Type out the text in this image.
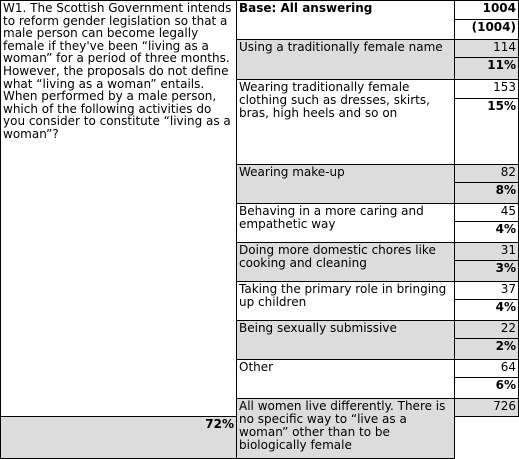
W1. The Scottish Government intends to reform gender legislation so that a male person can become legally female if they've been “living as a woman” for a period of three months. However, the proposals do not define what “living as a woman” entails. When performed by a male person, which of the following activities do you consider to constitute “living as a woman”?	Base: All answering	1004
		(1004)
	Using a traditionally female name	114
		11%
	Wearing traditionally female clothing such as dresses, skirts, bras, high heels and so on	153
		15%
	Wearing make-up	82
		8%
	Behaving in a more caring and empathetic way	45
		4%
	Doing more domestic chores like cooking and cleaning	31
		3%
	Taking the primary role in bringing up children	37
		4%
	Being sexually submissive	22
		2%
	Other	64
		6%
	All women live differently. There is no specific way to “live as a woman” other than to be biologically female	726
72%		
